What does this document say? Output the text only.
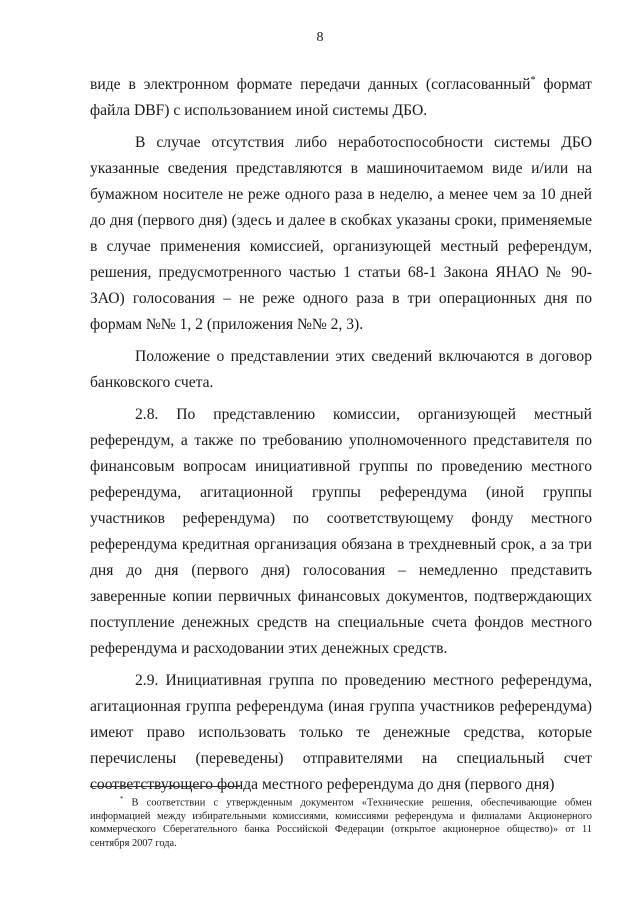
8

виде в электронном формате передачи данных (согласованный* формат файла DBF) с использованием иной системы ДБО.

В случае отсутствия либо неработоспособности системы ДБО указанные сведения представляются в машиночитаемом виде и/или на бумажном носителе не реже одного раза в неделю, а менее чем за 10 дней до дня (первого дня) (здесь и далее в скобках указаны сроки, применяемые в случае применения комиссией, организующей местный референдум, решения, предусмотренного частью 1 статьи 68-1 Закона ЯНАО № 90-ЗАО) голосования – не реже одного раза в три операционных дня по формам №№ 1, 2 (приложения №№ 2, 3).

Положение о представлении этих сведений включаются в договор банковского счета.

2.8. По представлению комиссии, организующей местный референдум, а также по требованию уполномоченного представителя по финансовым вопросам инициативной группы по проведению местного референдума, агитационной группы референдума (иной группы участников референдума) по соответствующему фонду местного референдума кредитная организация обязана в трехдневный срок, а за три дня до дня (первого дня) голосования – немедленно представить заверенные копии первичных финансовых документов, подтверждающих поступление денежных средств на специальные счета фондов местного референдума и расходовании этих денежных средств.

2.9. Инициативная группа по проведению местного референдума, агитационная группа референдума (иная группа участников референдума) имеют право использовать только те денежные средства, которые перечислены (переведены) отправителями на специальный счет соответствующего фонда местного референдума до дня (первого дня)

* В соответствии с утвержденным документом «Технические решения, обеспечивающие обмен информацией между избирательными комиссиями, комиссиями референдума и филиалами Акционерного коммерческого Сберегательного банка Российской Федерации (открытое акционерное общество)» от 11 сентября 2007 года.
